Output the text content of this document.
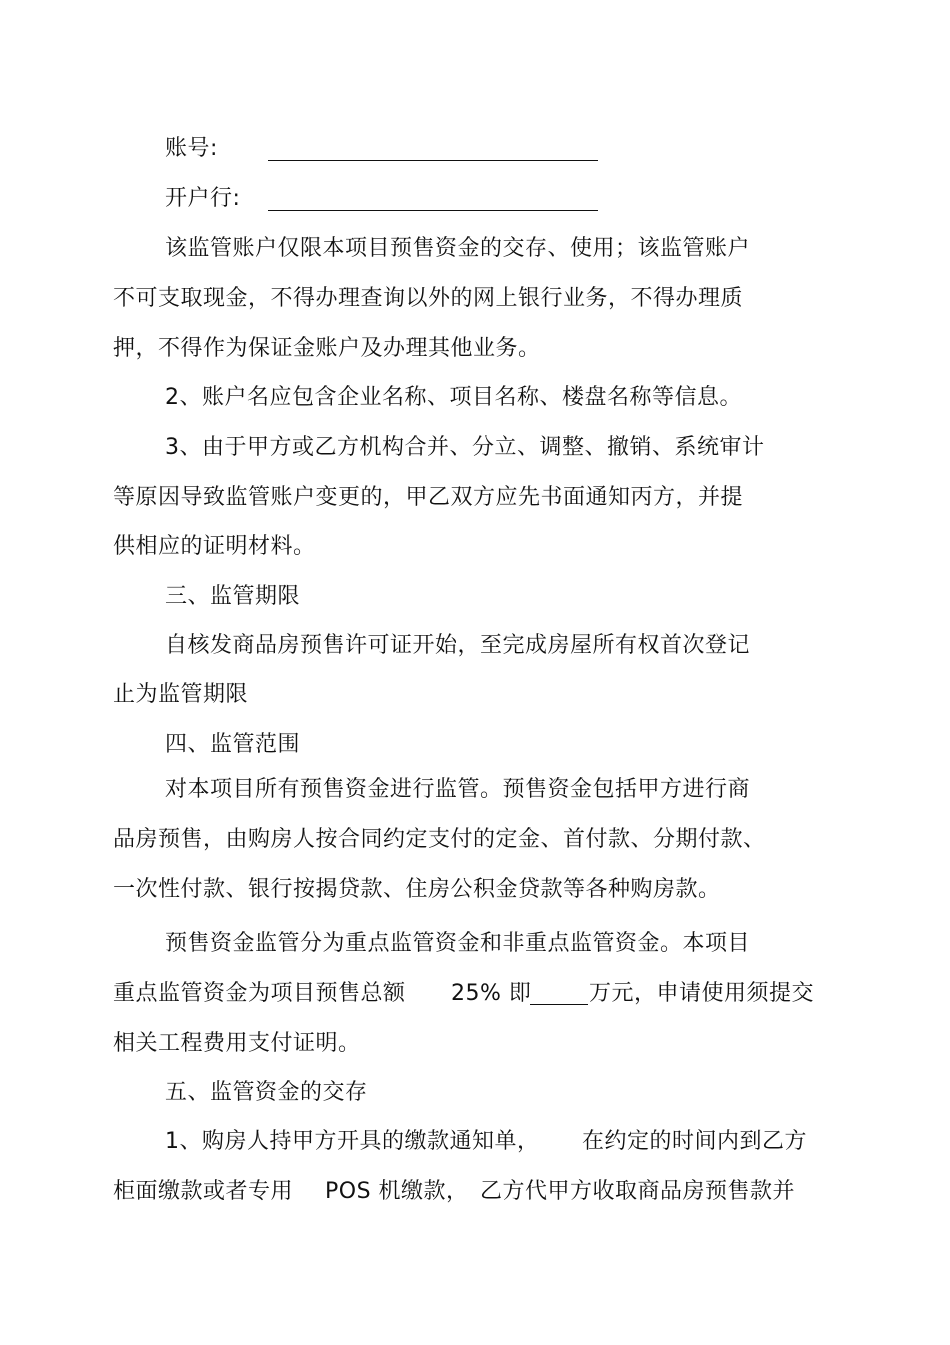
账号:
开户行:
该监管账户仅限本项目预售资金的交存、使用；该监管账户
不可支取现金，不得办理查询以外的网上银行业务，不得办理质
押，不得作为保证金账户及办理其他业务。
2、账户名应包含企业名称、项目名称、楼盘名称等信息。
3、由于甲方或乙方机构合并、分立、调整、撤销、系统审计
等原因导致监管账户变更的，甲乙双方应先书面通知丙方，并提
供相应的证明材料。
三、监管期限
自核发商品房预售许可证开始，至完成房屋所有权首次登记
止为监管期限
四、监管范围
对本项目所有预售资金进行监管。预售资金包括甲方进行商
品房预售，由购房人按合同约定支付的定金、首付款、分期付款、
一次性付款、银行按揭贷款、住房公积金贷款等各种购房款。
预售资金监管分为重点监管资金和非重点监管资金。本项目
重点监管资金为项目预售总额 25% 即	万元，申请使用须提交
相关工程费用支付证明。
五、监管资金的交存
1、购房人持甲方开具的缴款通知单， 在约定的时间内到乙方
柜面缴款或者专用 POS 机缴款， 乙方代甲方收取商品房预售款并
